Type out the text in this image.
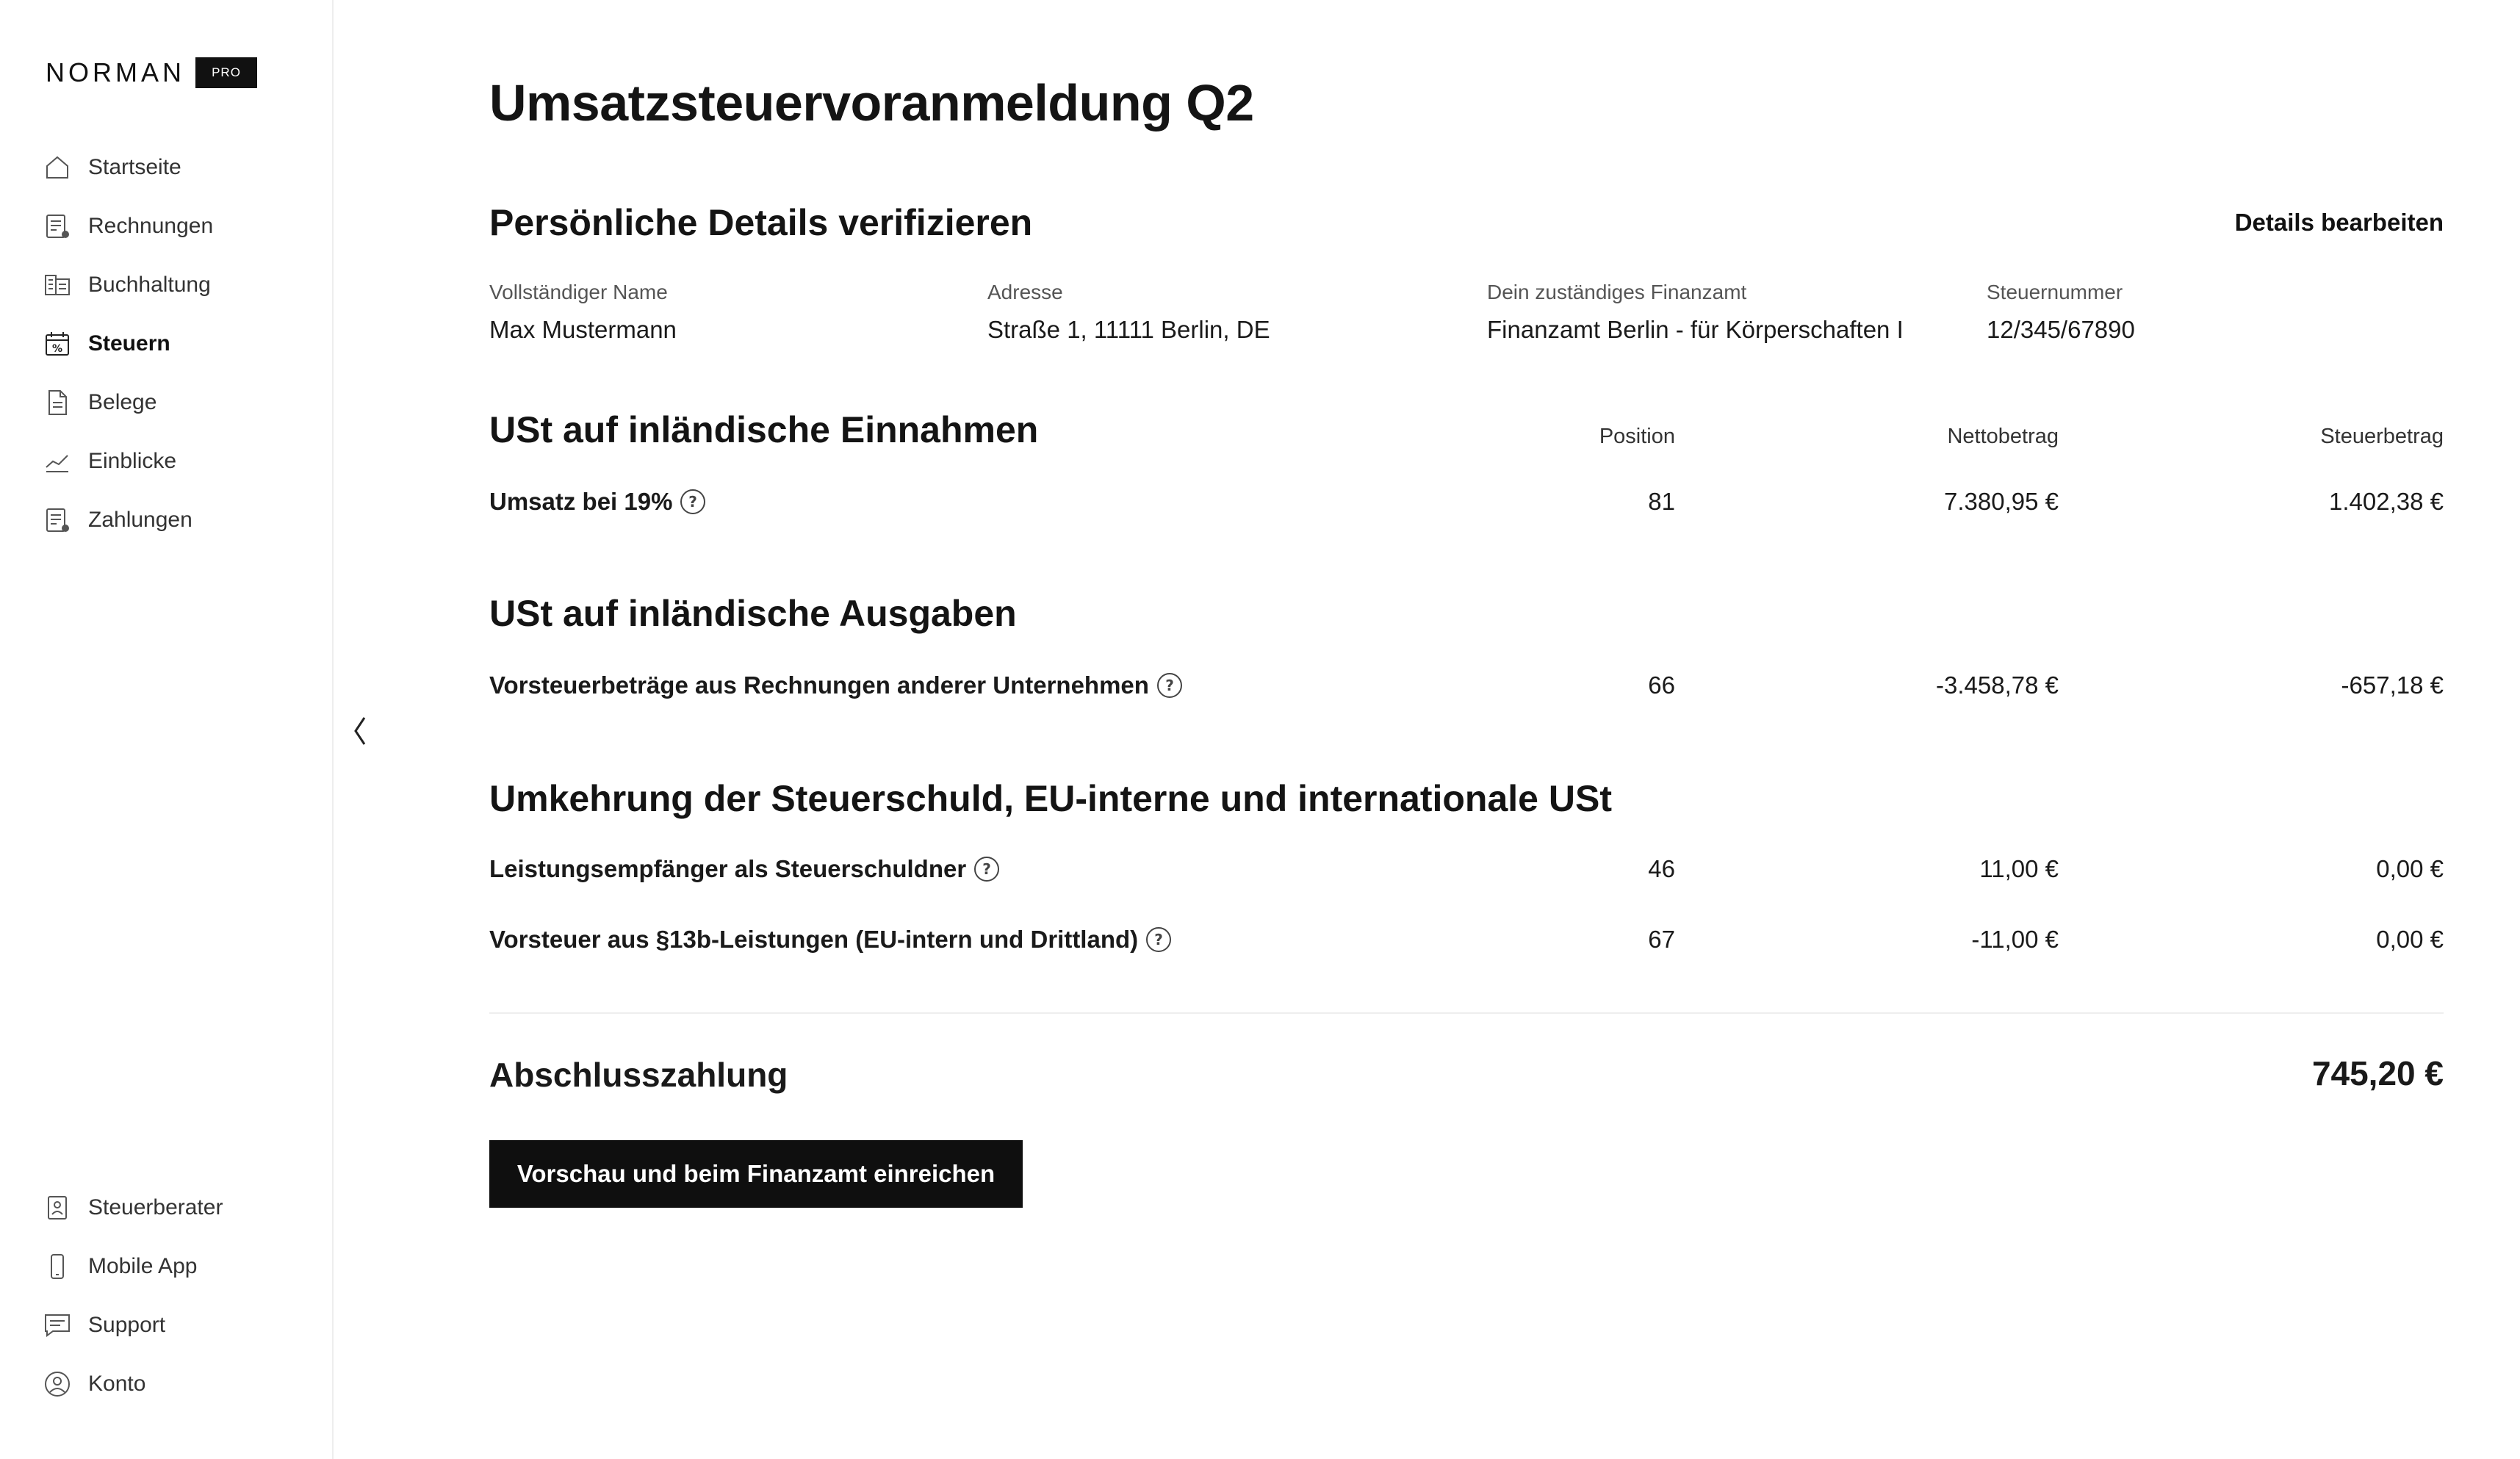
NORMAN	PRO
Startseite
Rechnungen
Buchhaltung
% Steuern
Belege
Einblicke
Zahlungen
Steuerberater
Mobile App
Support
Konto
Umsatzsteuervoranmeldung Q2
Persönliche Details verifizieren	Details bearbeiten
Vollständiger Name
Max Mustermann
Adresse
Straße 1, 11111 Berlin, DE
Dein zuständiges Finanzamt
Finanzamt Berlin - für Körperschaften I
Steuernummer
12/345/67890
USt auf inländische Einnahmen	Position	Nettobetrag	Steuerbetrag
Umsatz bei 19% ?	81	7.380,95 €	1.402,38 €
USt auf inländische Ausgaben
Vorsteuerbeträge aus Rechnungen anderer Unternehmen ?	66	-3.458,78 €	-657,18 €
Umkehrung der Steuerschuld, EU-interne und internationale USt
Leistungsempfänger als Steuerschuldner ?	46	11,00 €	0,00 €
Vorsteuer aus §13b-Leistungen (EU-intern und Drittland) ?	67	-11,00 €	0,00 €
Abschlusszahlung	745,20 €
Vorschau und beim Finanzamt einreichen
